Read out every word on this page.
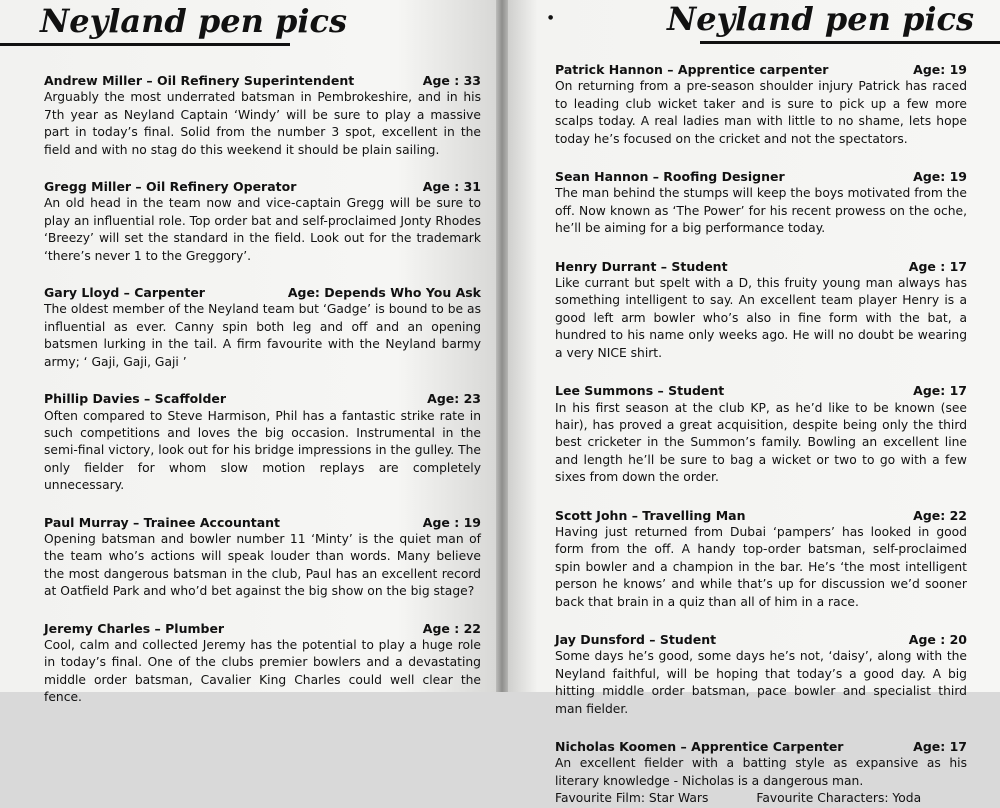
Neyland pen pics
Andrew Miller – Oil Refinery Superintendent	Age : 33
Arguably the most underrated batsman in Pembrokeshire, and in his 7th year as Neyland Captain ‘Windy’ will be sure to play a massive part in today’s final. Solid from the number 3 spot, excellent in the field and with no stag do this weekend it should be plain sailing.
Gregg Miller – Oil Refinery Operator	Age : 31
An old head in the team now and vice-captain Gregg will be sure to play an influential role. Top order bat and self-proclaimed Jonty Rhodes ‘Breezy’ will set the standard in the field. Look out for the trademark ‘there’s never 1 to the Greggory’.
Gary Lloyd – Carpenter	Age: Depends Who You Ask
The oldest member of the Neyland team but ‘Gadge’ is bound to be as influential as ever. Canny spin both leg and off and an opening batsmen lurking in the tail. A firm favourite with the Neyland barmy army; ‘ Gaji, Gaji, Gaji ’
Phillip Davies – Scaffolder	Age: 23
Often compared to Steve Harmison, Phil has a fantastic strike rate in such competitions and loves the big occasion. Instrumental in the semi-final victory, look out for his bridge impressions in the gulley. The only fielder for whom slow motion replays are completely unnecessary.
Paul Murray – Trainee Accountant	Age : 19
Opening batsman and bowler number 11 ‘Minty’ is the quiet man of the team who’s actions will speak louder than words. Many believe the most dangerous batsman in the club, Paul has an excellent record at Oatfield Park and who’d bet against the big show on the big stage?
Jeremy Charles – Plumber	Age : 22
Cool, calm and collected Jeremy has the potential to play a huge role in today’s final. One of the clubs premier bowlers and a devastating middle order batsman, Cavalier King Charles could well clear the fence.
●	Neyland pen pics
Patrick Hannon – Apprentice carpenter	Age: 19
On returning from a pre-season shoulder injury Patrick has raced to leading club wicket taker and is sure to pick up a few more scalps today. A real ladies man with little to no shame, lets hope today he’s focused on the cricket and not the spectators.
Sean Hannon – Roofing Designer	Age: 19
The man behind the stumps will keep the boys motivated from the off. Now known as ‘The Power’ for his recent prowess on the oche, he’ll be aiming for a big performance today.
Henry Durrant – Student	Age : 17
Like currant but spelt with a D, this fruity young man always has something intelligent to say. An excellent team player Henry is a good left arm bowler who’s also in fine form with the bat, a hundred to his name only weeks ago. He will no doubt be wearing a very NICE shirt.
Lee Summons – Student	Age: 17
In his first season at the club KP, as he’d like to be known (see hair), has proved a great acquisition, despite being only the third best cricketer in the Summon’s family. Bowling an excellent line and length he’ll be sure to bag a wicket or two to go with a few sixes from down the order.
Scott John – Travelling Man	Age: 22
Having just returned from Dubai ‘pampers’ has looked in good form from the off. A handy top-order batsman, self-proclaimed spin bowler and a champion in the bar. He’s ‘the most intelligent person he knows’ and while that’s up for discussion we’d sooner back that brain in a quiz than all of him in a race.
Jay Dunsford – Student	Age : 20
Some days he’s good, some days he’s not, ‘daisy’, along with the Neyland faithful, will be hoping that today’s a good day. A big hitting middle order batsman, pace bowler and specialist third man fielder.
Nicholas Koomen – Apprentice Carpenter	Age: 17
An excellent fielder with a batting style as expansive as his literary knowledge - Nicholas is a dangerous man.
Favourite Film: Star Wars	Favourite Characters: Yoda
